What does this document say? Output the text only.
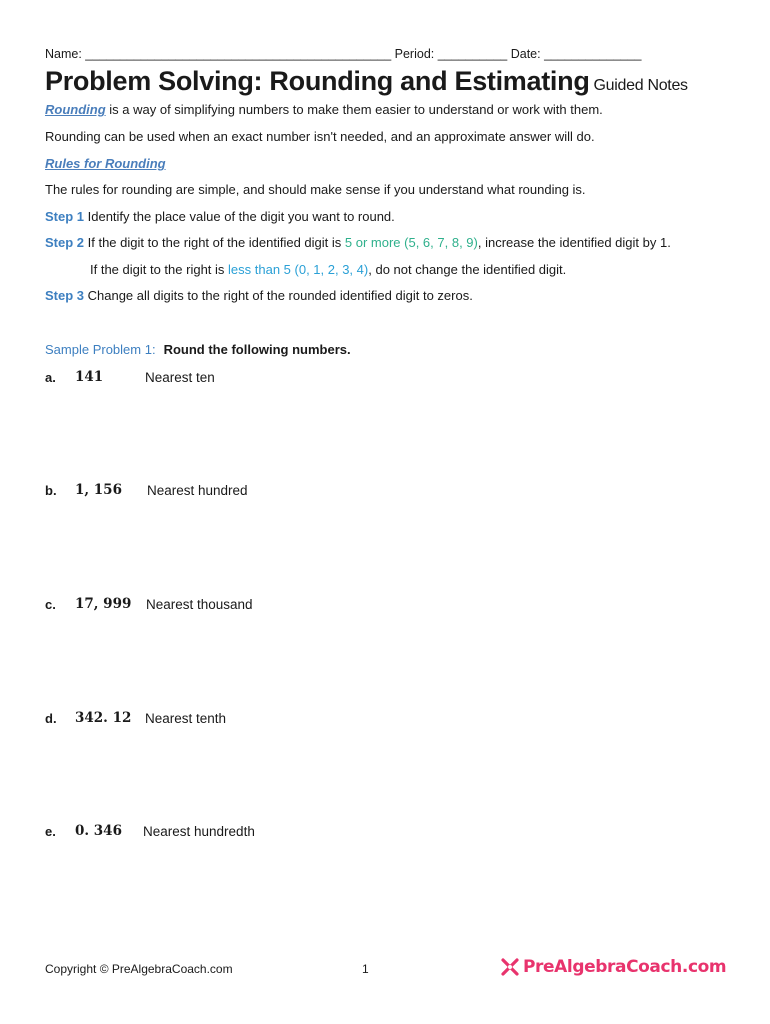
Name: ____________________________________________ Period: __________ Date: ______________
Problem Solving: Rounding and Estimating Guided Notes
Rounding is a way of simplifying numbers to make them easier to understand or work with them.
Rounding can be used when an exact number isn't needed, and an approximate answer will do.
Rules for Rounding
The rules for rounding are simple, and should make sense if you understand what rounding is.
Step 1 Identify the place value of the digit you want to round.
Step 2 If the digit to the right of the identified digit is 5 or more (5, 6, 7, 8, 9), increase the identified digit by 1.
If the digit to the right is less than 5 (0, 1, 2, 3, 4), do not change the identified digit.
Step 3 Change all digits to the right of the rounded identified digit to zeros.
Sample Problem 1: Round the following numbers.
a. 141	Nearest ten
b. 1, 156 Nearest hundred
c. 17, 999 Nearest thousand
d. 342. 12 Nearest tenth
e. 0. 346 Nearest hundredth
Copyright © PreAlgebraCoach.com	1	PreAlgebraCoach.com
